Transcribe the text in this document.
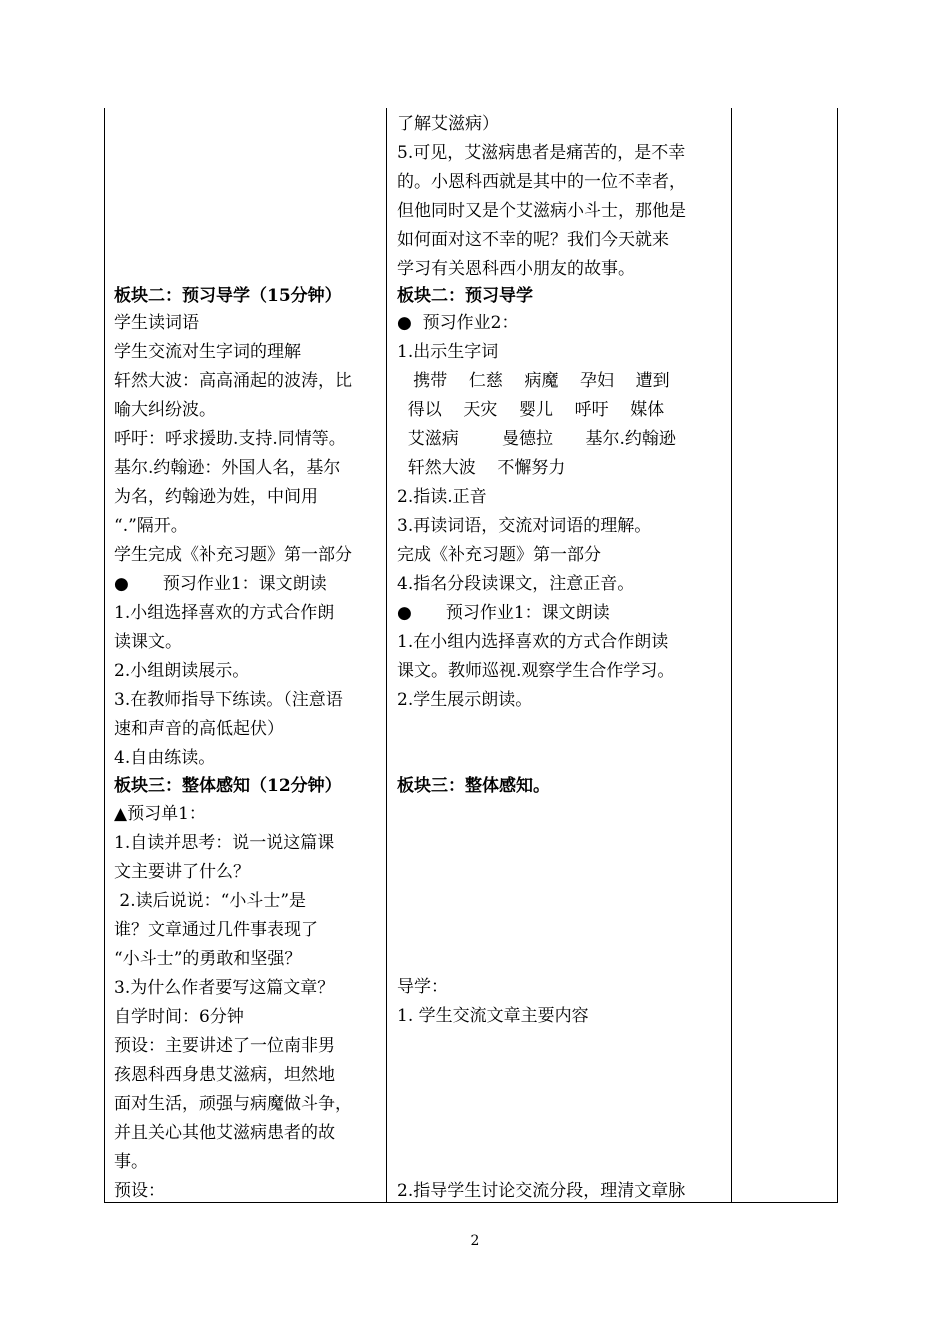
板块二：预习导学（15分钟）
学生读词语
学生交流对生字词的理解
轩然大波：高高涌起的波涛，比
喻大纠纷波。
呼吁：呼求援助.支持.同情等。
基尔.约翰逊：外国人名，基尔
为名，约翰逊为姓，中间用
“.”隔开。
学生完成《补充习题》第一部分
●　　预习作业1：课文朗读
1.小组选择喜欢的方式合作朗
读课文。
2.小组朗读展示。
3.在教师指导下练读。（注意语
速和声音的高低起伏）
4.自由练读。
板块三：整体感知（12分钟）
▲预习单1：
1.自读并思考：说一说这篇课
文主要讲了什么？
2.读后说说：“小斗士”是
谁？文章通过几件事表现了
“小斗士”的勇敢和坚强？
3.为什么作者要写这篇文章？
自学时间：6分钟
预设：主要讲述了一位南非男
孩恩科西身患艾滋病，坦然地
面对生活，顽强与病魔做斗争，
并且关心其他艾滋病患者的故
事。
预设：
了解艾滋病）
5.可见，艾滋病患者是痛苦的，是不幸
的。小恩科西就是其中的一位不幸者，
但他同时又是个艾滋病小斗士，那他是
如何面对这不幸的呢？我们今天就来
学习有关恩科西小朋友的故事。
板块二：预习导学
●  预习作业2：
1.出示生字词
携带    仁慈    病魔    孕妇    遭到
得以    天灾    婴儿    呼吁    媒体
艾滋病        曼德拉      基尔.约翰逊
轩然大波    不懈努力
2.指读.正音
3.再读词语，交流对词语的理解。
完成《补充习题》第一部分
4.指名分段读课文，注意正音。
●　　预习作业1：课文朗读
1.在小组内选择喜欢的方式合作朗读
课文。教师巡视.观察学生合作学习。
2.学生展示朗读。
板块三：整体感知。
导学：
1. 学生交流文章主要内容
2.指导学生讨论交流分段，理清文章脉
2
